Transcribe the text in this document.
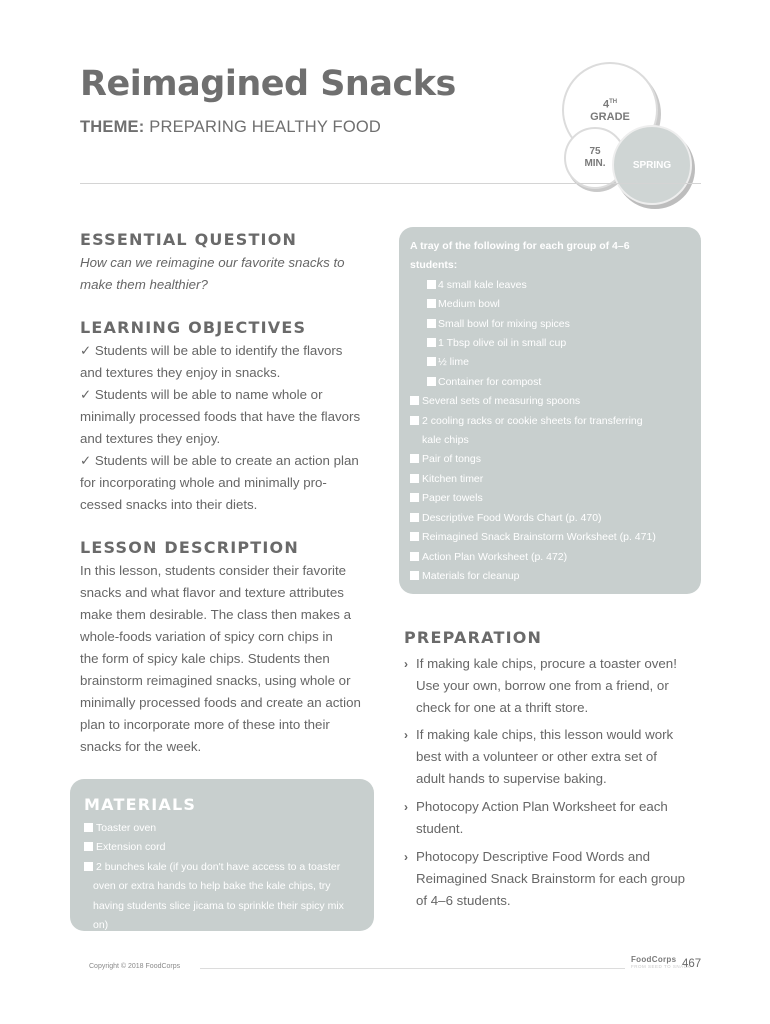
Reimagined Snacks
THEME: PREPARING HEALTHY FOOD
4TH
GRADE
75
MIN.	SPRING
ESSENTIAL QUESTION

How can we reimagine our favorite snacks to

make them healthier?

LEARNING OBJECTIVES

✓ Students will be able to identify the flavors

and textures they enjoy in snacks.

✓ Students will be able to name whole or

minimally processed foods that have the flavors

and textures they enjoy.

✓ Students will be able to create an action plan

for incorporating whole and minimally pro-

cessed snacks into their diets.

LESSON DESCRIPTION

In this lesson, students consider their favorite

snacks and what flavor and texture attributes

make them desirable. The class then makes a

whole-foods variation of spicy corn chips in

the form of spicy kale chips. Students then

brainstorm reimagined snacks, using whole or

minimally processed foods and create an action

plan to incorporate more of these into their

snacks for the week.

MATERIALS
Toaster oven
Extension cord
2 bunches kale (if you don't have access to a toaster
oven or extra hands to help bake the kale chips, try
having students slice jicama to sprinkle their spicy mix on)
A tray of the following for each group of 4–6
students:
4 small kale leaves
Medium bowl
Small bowl for mixing spices
1 Tbsp olive oil in small cup
½ lime
Container for compost
Several sets of measuring spoons
2 cooling racks or cookie sheets for transferring
kale chips
Pair of tongs
Kitchen timer
Paper towels
Descriptive Food Words Chart (p. 470)
Reimagined Snack Brainstorm Worksheet (p. 471)
Action Plan Worksheet (p. 472)
Materials for cleanup
PREPARATION
› If making kale chips, procure a toaster oven!
Use your own, borrow one from a friend, or
check for one at a thrift store.
› If making kale chips, this lesson would work
best with a volunteer or other extra set of
adult hands to supervise baking.
› Photocopy Action Plan Worksheet for each
student.
› Photocopy Descriptive Food Words and
Reimagined Snack Brainstorm for each group
of 4–6 students.
Copyright © 2018 FoodCorps
FoodCorps
FROM SEED TO SNACK
467
